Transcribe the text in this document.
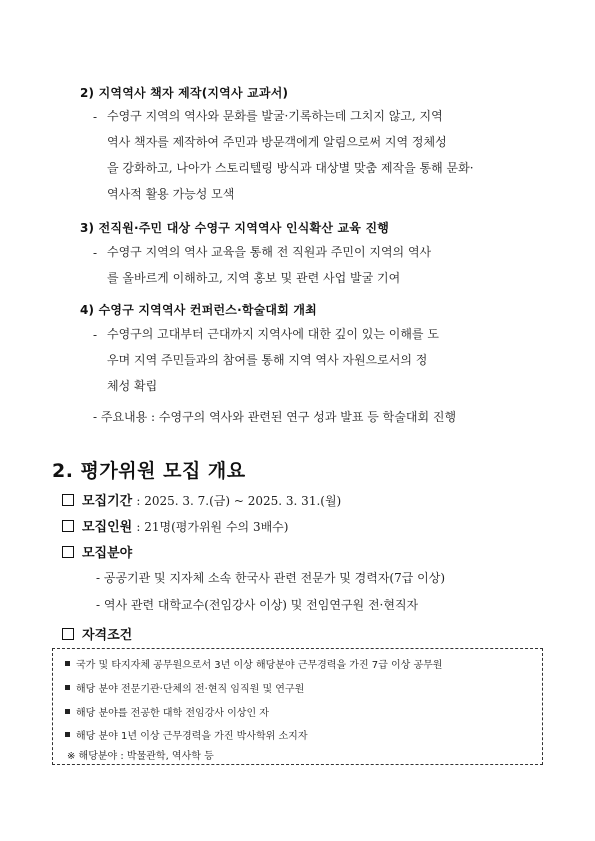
2) 지역역사 책자 제작(지역사 교과서)
- 수영구 지역의 역사와 문화를 발굴·기록하는데 그치지 않고, 지역
역사 책자를 제작하여 주민과 방문객에게 알림으로써 지역 정체성
을 강화하고, 나아가 스토리텔링 방식과 대상별 맞춤 제작을 통해 문화·
역사적 활용 가능성 모색
3) 전직원·주민 대상 수영구 지역역사 인식확산 교육 진행
- 수영구 지역의 역사 교육을 통해 전 직원과 주민이 지역의 역사
를 올바르게 이해하고, 지역 홍보 및 관련 사업 발굴 기여
4) 수영구 지역역사 컨퍼런스·학술대회 개최
- 수영구의 고대부터 근대까지 지역사에 대한 깊이 있는 이해를 도
우며 지역 주민들과의 참여를 통해 지역 역사 자원으로서의 정
체성 확립
- 주요내용 : 수영구의 역사와 관련된 연구 성과 발표 등 학술대회 진행
2. 평가위원 모집 개요
모집기간 : 2025. 3. 7.(금) ~ 2025. 3. 31.(월)
모집인원 : 21명(평가위원 수의 3배수)
모집분야
- 공공기관 및 지자체 소속 한국사 관련 전문가 및 경력자(7급 이상)
- 역사 관련 대학교수(전임강사 이상) 및 전임연구원 전·현직자
자격조건
국가 및 타지자체 공무원으로서 3년 이상 해당분야 근무경력을 가진 7급 이상 공무원
해당 분야 전문기관·단체의 전·현직 임직원 및 연구원
해당 분야를 전공한 대학 전임강사 이상인 자
해당 분야 1년 이상 근무경력을 가진 박사학위 소지자
※ 해당분야 : 박물관학, 역사학 등
